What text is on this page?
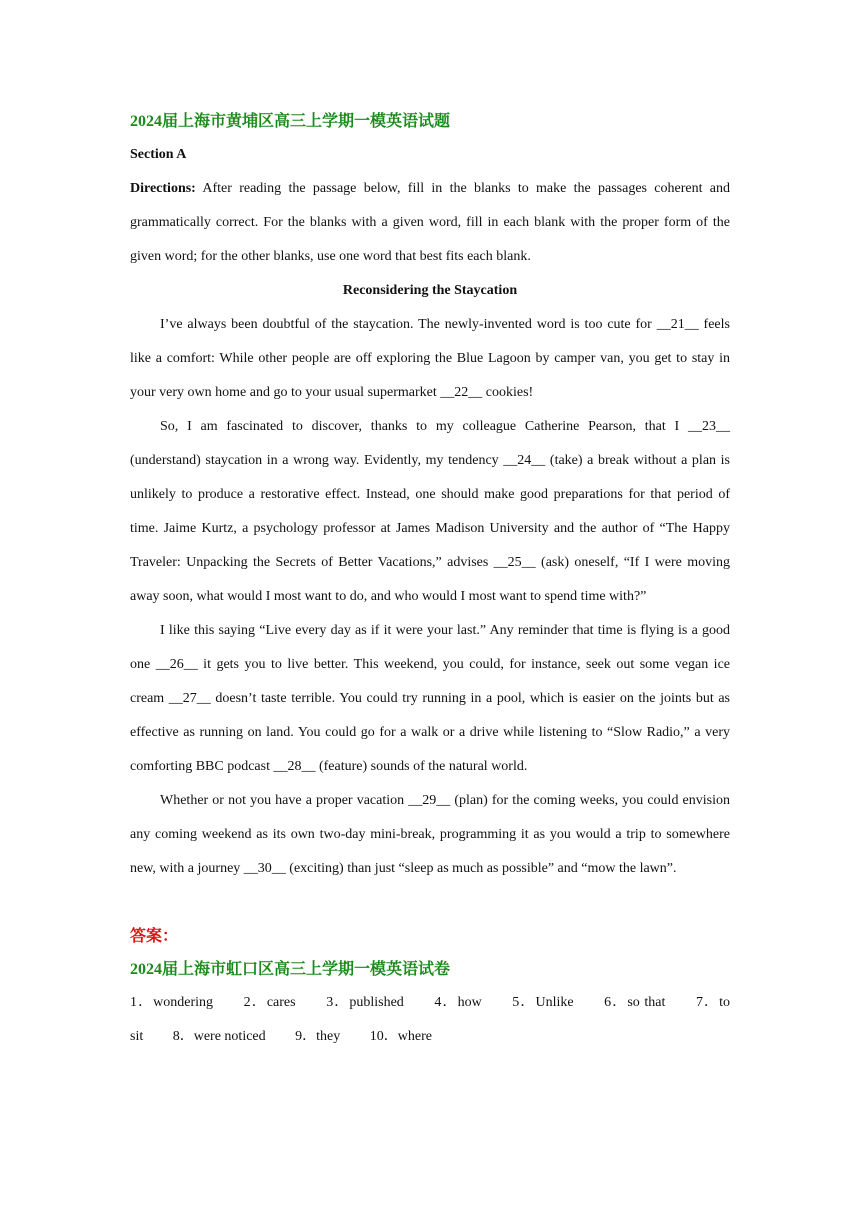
2024届上海市黄埔区高三上学期一模英语试题
Section A

Directions: After reading the passage below, fill in the blanks to make the passages coherent and grammatically correct. For the blanks with a given word, fill in each blank with the proper form of the given word; for the other blanks, use one word that best fits each blank.

Reconsidering the Staycation

I’ve always been doubtful of the staycation. The newly-invented word is too cute for __21__ feels like a comfort: While other people are off exploring the Blue Lagoon by camper van, you get to stay in your very own home and go to your usual supermarket __22__ cookies!

So, I am fascinated to discover, thanks to my colleague Catherine Pearson, that I __23__ (understand) staycation in a wrong way. Evidently, my tendency __24__ (take) a break without a plan is unlikely to produce a restorative effect. Instead, one should make good preparations for that period of time. Jaime Kurtz, a psychology professor at James Madison University and the author of “The Happy Traveler: Unpacking the Secrets of Better Vacations,” advises __25__ (ask) oneself, “If I were moving away soon, what would I most want to do, and who would I most want to spend time with?”

I like this saying “Live every day as if it were your last.” Any reminder that time is flying is a good one __26__ it gets you to live better. This weekend, you could, for instance, seek out some vegan ice cream __27__ doesn’t taste terrible. You could try running in a pool, which is easier on the joints but as effective as running on land. You could go for a walk or a drive while listening to “Slow Radio,” a very comforting BBC podcast __28__ (feature) sounds of the natural world.

Whether or not you have a proper vacation __29__ (plan) for the coming weeks, you could envision any coming weekend as its own two-day mini-break, programming it as you would a trip to somewhere new, with a journey __30__ (exciting) than just “sleep as much as possible” and “mow the lawn”.

答案：
2024届上海市虹口区高三上学期一模英语试卷

1．wondering 2．cares 3．published 4．how 5．Unlike 6．so that 7．to sit 8．were noticed 9．they 10．where
